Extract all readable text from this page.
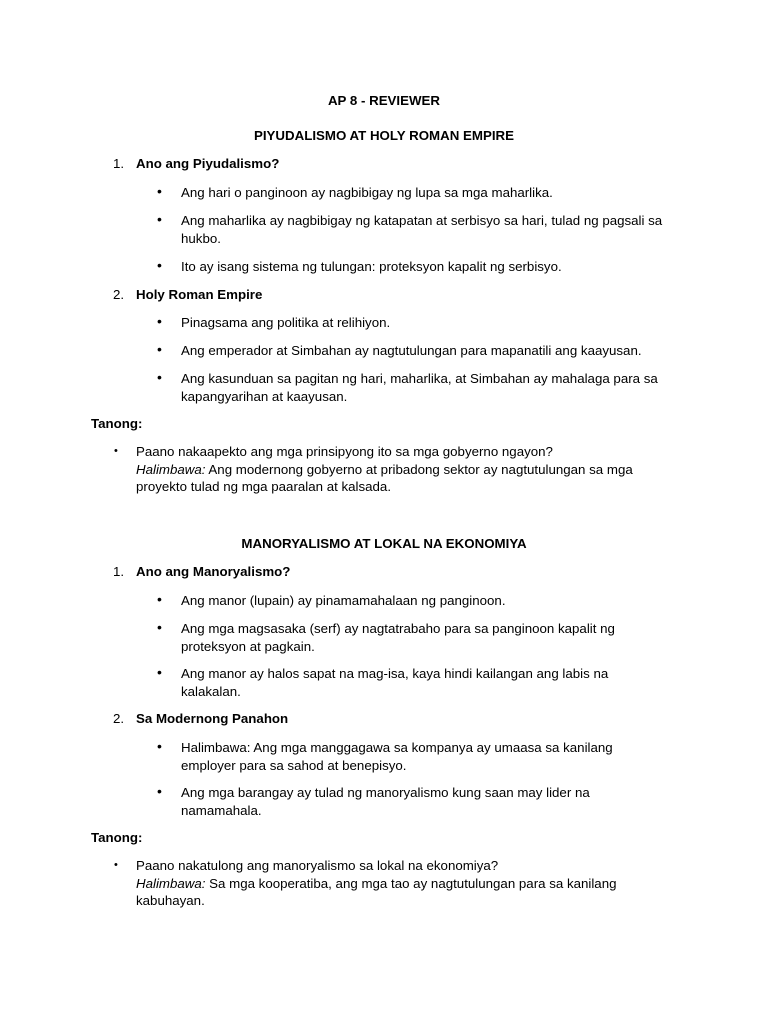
AP 8 - REVIEWER
PIYUDALISMO AT HOLY ROMAN EMPIRE
1. Ano ang Piyudalismo?
• Ang hari o panginoon ay nagbibigay ng lupa sa mga maharlika.
• Ang maharlika ay nagbibigay ng katapatan at serbisyo sa hari, tulad ng pagsali sa hukbo.
• Ito ay isang sistema ng tulungan: proteksyon kapalit ng serbisyo.
2. Holy Roman Empire
• Pinagsama ang politika at relihiyon.
• Ang emperador at Simbahan ay nagtutulungan para mapanatili ang kaayusan.
• Ang kasunduan sa pagitan ng hari, maharlika, at Simbahan ay mahalaga para sa kapangyarihan at kaayusan.
Tanong:
• Paano nakaapekto ang mga prinsipyong ito sa mga gobyerno ngayon?
Halimbawa: Ang modernong gobyerno at pribadong sektor ay nagtutulungan sa mga proyekto tulad ng mga paaralan at kalsada.
MANORYALISMO AT LOKAL NA EKONOMIYA
1. Ano ang Manoryalismo?
• Ang manor (lupain) ay pinamamahalaan ng panginoon.
• Ang mga magsasaka (serf) ay nagtatrabaho para sa panginoon kapalit ng proteksyon at pagkain.
• Ang manor ay halos sapat na mag-isa, kaya hindi kailangan ang labis na kalakalan.
2. Sa Modernong Panahon
• Halimbawa: Ang mga manggagawa sa kompanya ay umaasa sa kanilang employer para sa sahod at benepisyo.
• Ang mga barangay ay tulad ng manoryalismo kung saan may lider na namamahala.
Tanong:
• Paano nakatulong ang manoryalismo sa lokal na ekonomiya?
Halimbawa: Sa mga kooperatiba, ang mga tao ay nagtutulungan para sa kanilang kabuhayan.
